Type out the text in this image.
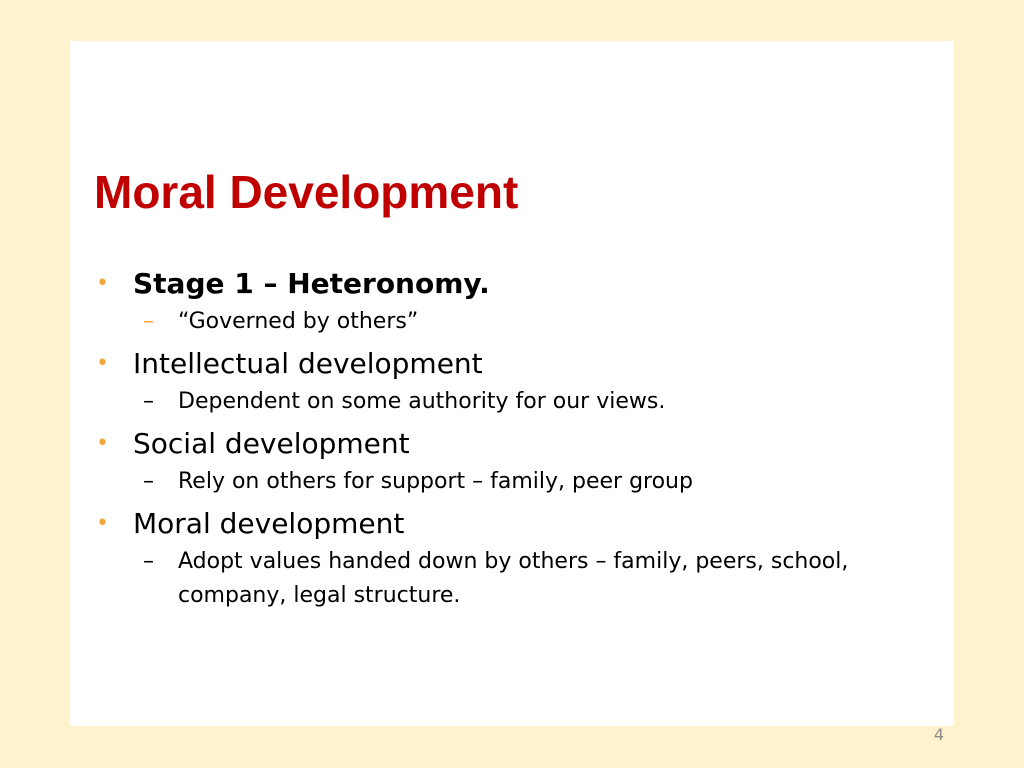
Moral Development
• Stage 1 – Heteronomy.
– “Governed by others”
• Intellectual development
– Dependent on some authority for our views.
• Social development
– Rely on others for support – family, peer group
• Moral development
– Adopt values handed down by others – family, peers, school, company, legal structure.
4
